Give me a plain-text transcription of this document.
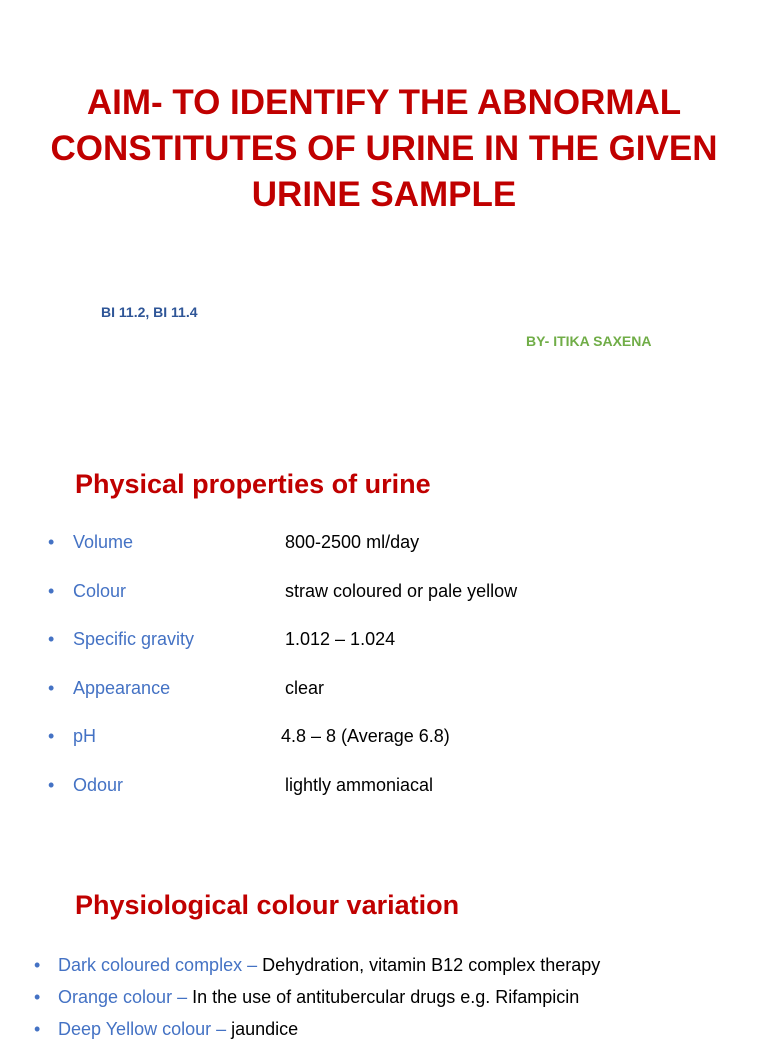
AIM- TO IDENTIFY THE ABNORMAL CONSTITUTES OF URINE IN THE GIVEN URINE SAMPLE
BI 11.2, BI 11.4
BY- ITIKA SAXENA
Physical properties of urine
• Volume	800-2500 ml/day
• Colour	straw coloured or pale yellow
• Specific gravity	1.012 – 1.024
• Appearance	clear
• pH	4.8 – 8 (Average 6.8)
• Odour	lightly ammoniacal
Physiological colour variation
• Dark coloured complex – Dehydration, vitamin B12 complex therapy
• Orange colour – In the use of antitubercular drugs e.g. Rifampicin
• Deep Yellow colour – jaundice
